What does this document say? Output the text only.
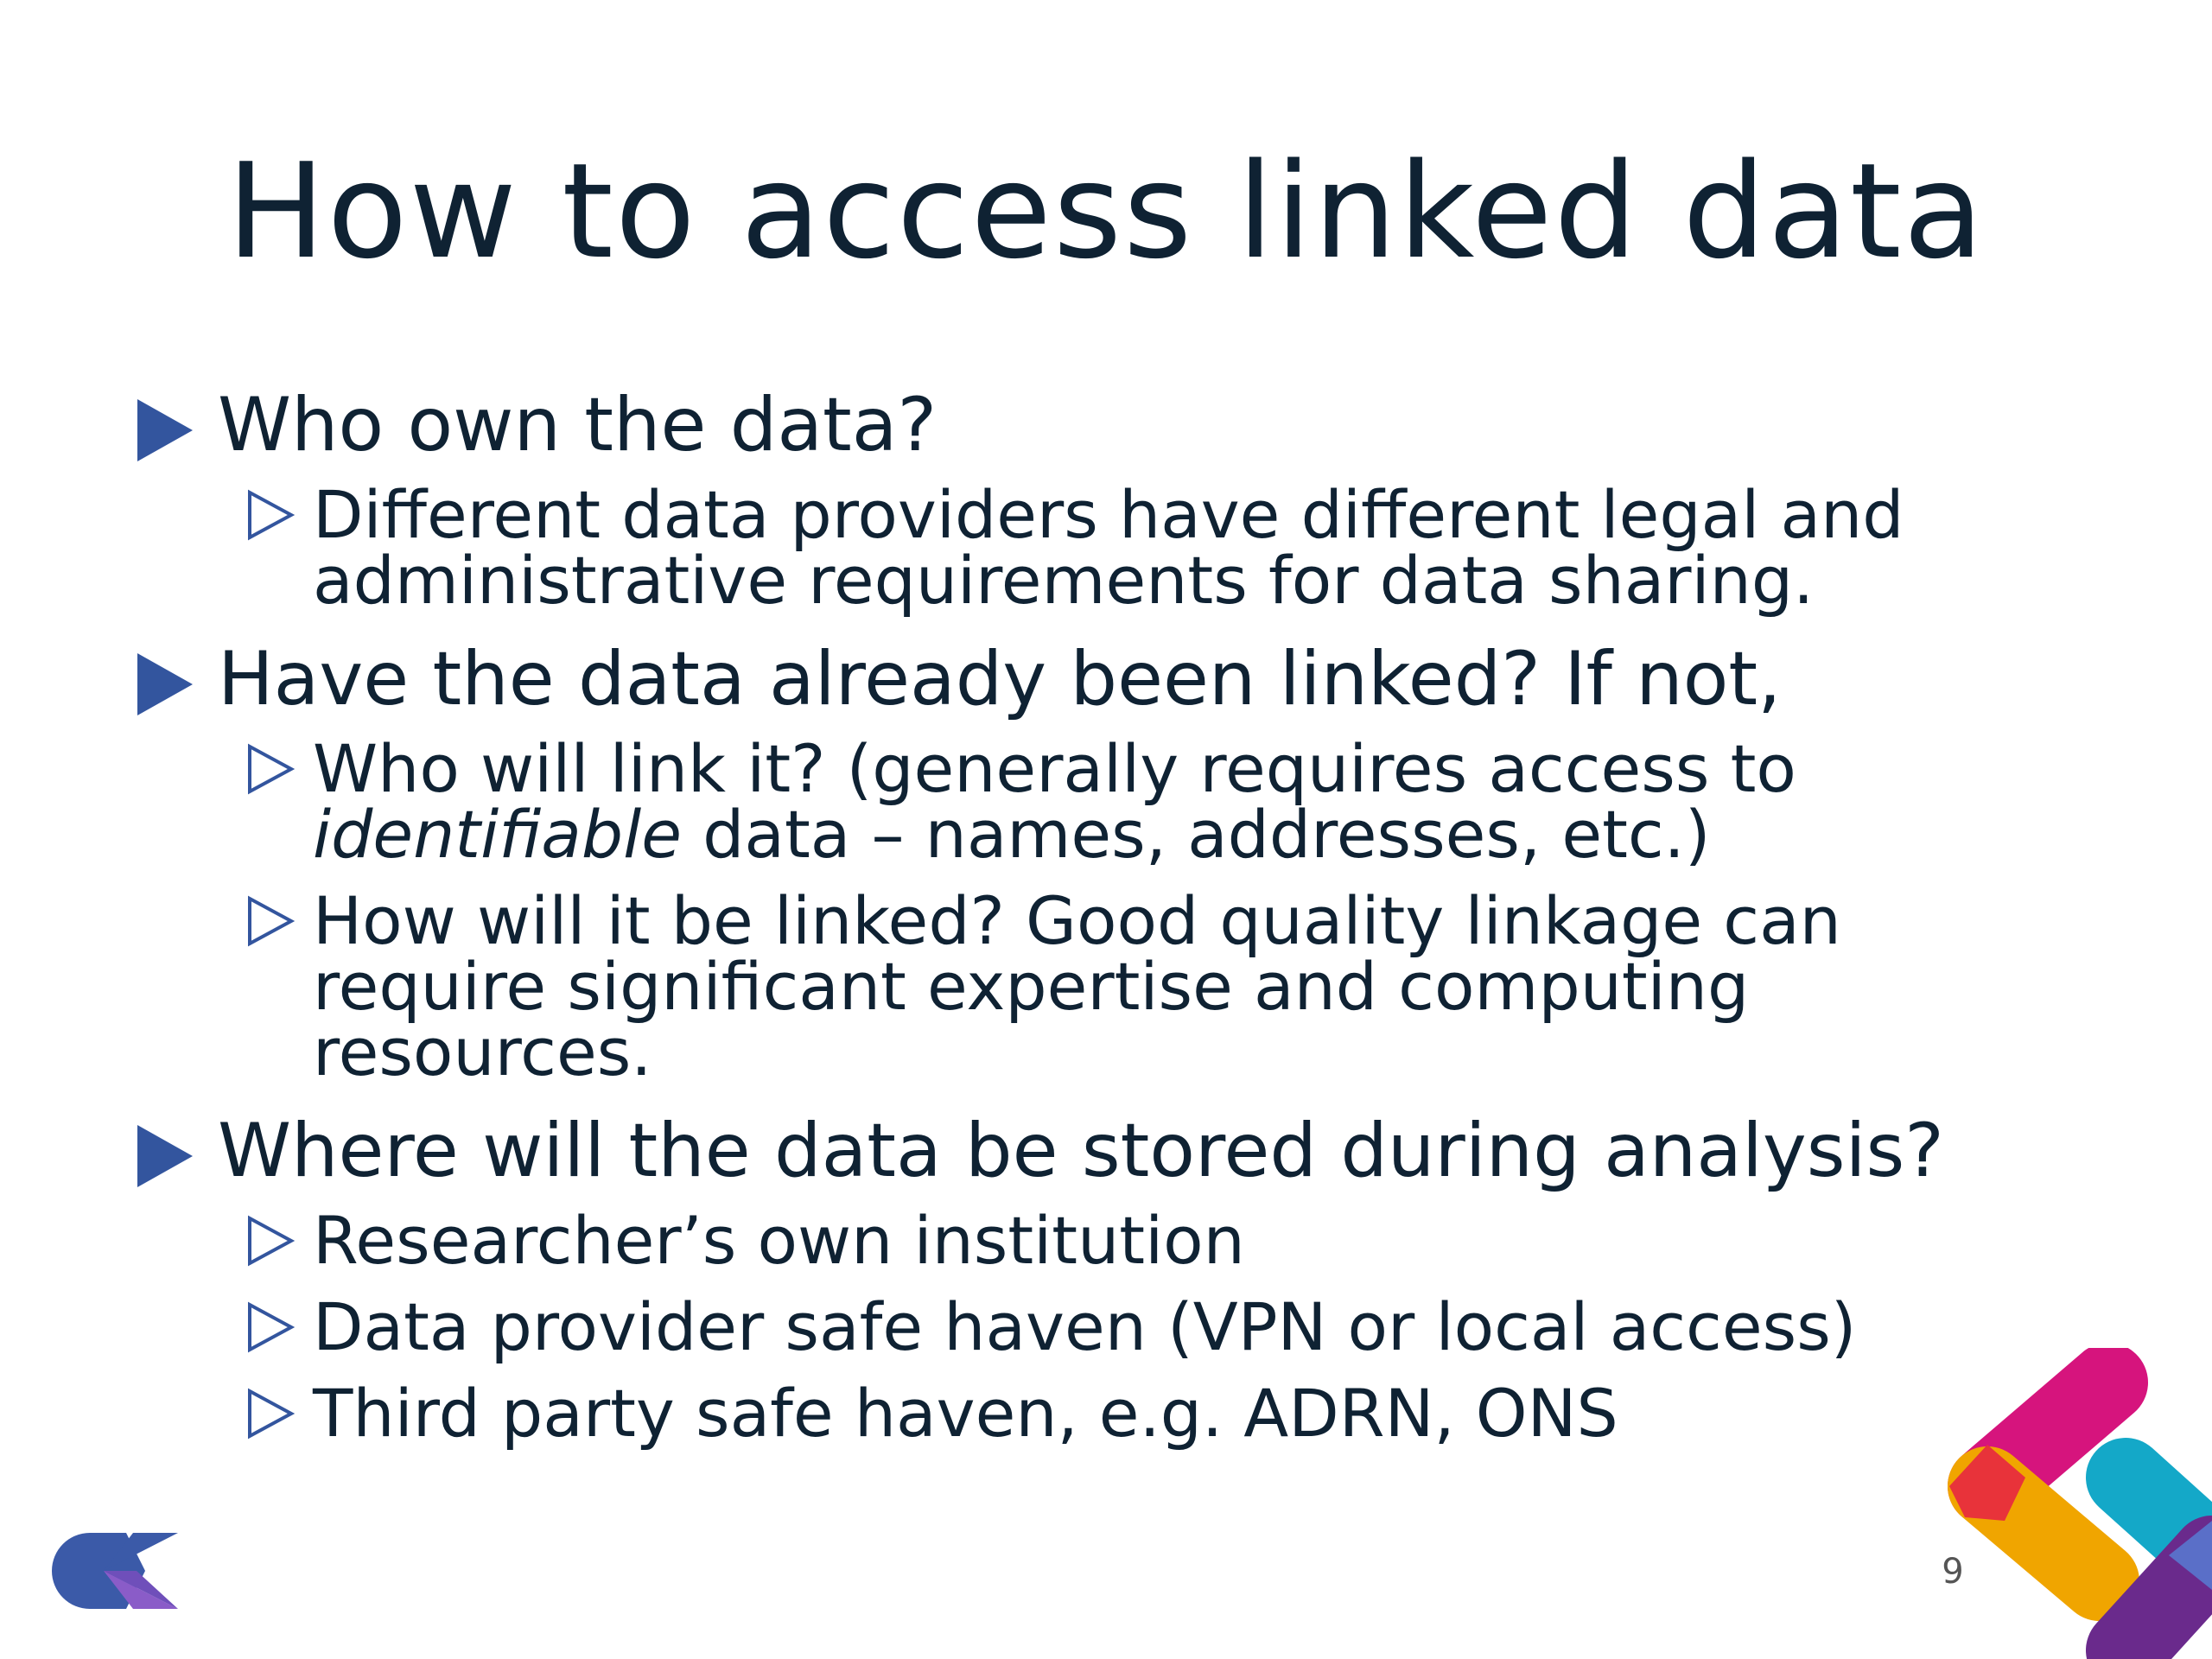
How to access linked data
Who own the data?
Different data providers have different legal and
administrative requirements for data sharing.
Have the data already been linked? If not,
Who will link it? (generally requires access to
identifiable data – names, addresses, etc.)
How will it be linked? Good quality linkage can
require significant expertise and computing
resources.
Where will the data be stored during analysis?
Researcher’s own institution
Data provider safe haven (VPN or local access)
Third party safe haven, e.g. ADRN, ONS
9
